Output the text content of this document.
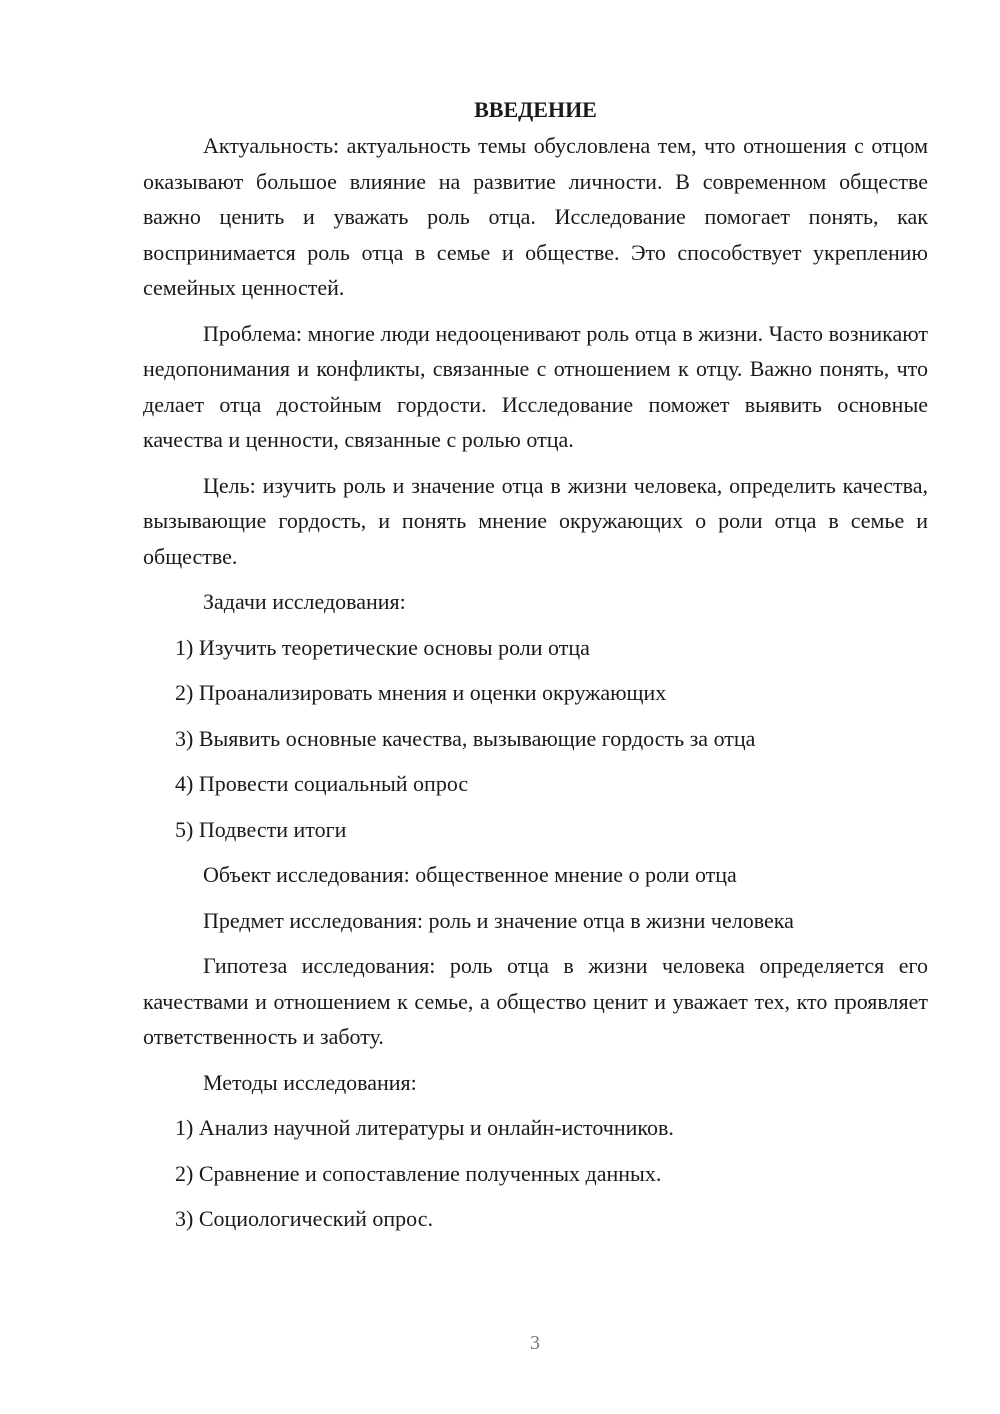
ВВЕДЕНИЕ

Актуальность: актуальность темы обусловлена тем, что отношения с отцом оказывают большое влияние на развитие личности. В современном обществе важно ценить и уважать роль отца. Исследование помогает понять, как воспринимается роль отца в семье и обществе. Это способствует укреплению семейных ценностей.

Проблема: многие люди недооценивают роль отца в жизни. Часто возникают недопонимания и конфликты, связанные с отношением к отцу. Важно понять, что делает отца достойным гордости. Исследование поможет выявить основные качества и ценности, связанные с ролью отца.

Цель: изучить роль и значение отца в жизни человека, определить качества, вызывающие гордость, и понять мнение окружающих о роли отца в семье и обществе.

Задачи исследования:

1) Изучить теоретические основы роли отца

2) Проанализировать мнения и оценки окружающих

3) Выявить основные качества, вызывающие гордость за отца

4) Провести социальный опрос

5) Подвести итоги

Объект исследования: общественное мнение о роли отца

Предмет исследования: роль и значение отца в жизни человека

Гипотеза исследования: роль отца в жизни человека определяется его качествами и отношением к семье, а общество ценит и уважает тех, кто проявляет ответственность и заботу.

Методы исследования:

1) Анализ научной литературы и онлайн-источников.

2) Сравнение и сопоставление полученных данных.

3) Социологический опрос.

3
